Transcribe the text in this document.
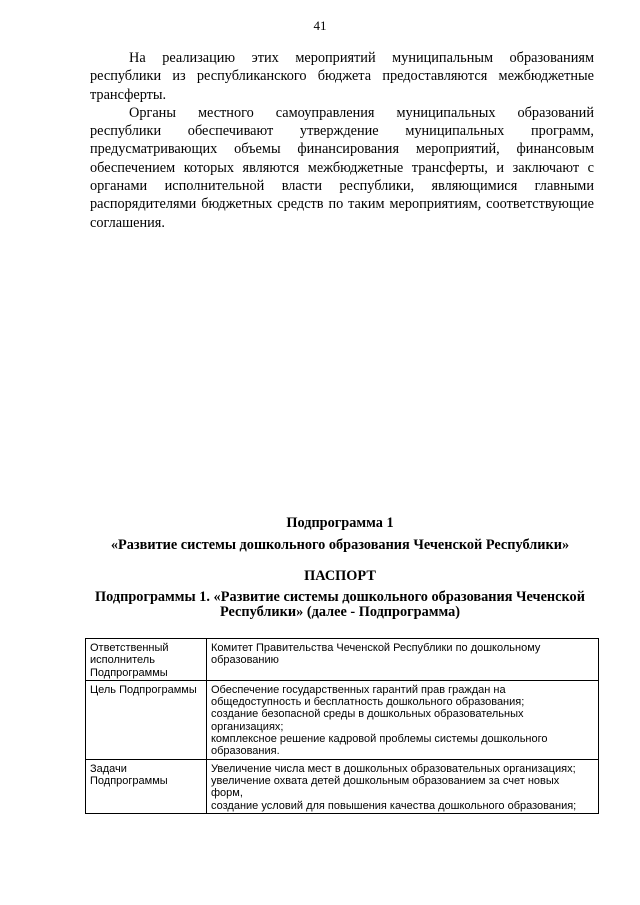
41

На реализацию этих мероприятий муниципальным образованиям республики из республиканского бюджета предоставляются межбюджетные трансферты.

Органы местного самоуправления муниципальных образований республики обеспечивают утверждение муниципальных программ, предусматривающих объемы финансирования мероприятий, финансовым обеспечением которых являются межбюджетные трансферты, и заключают с органами исполнительной власти республики, являющимися главными распорядителями бюджетных средств по таким мероприятиям, соответствующие соглашения.

Подпрограмма 1
«Развитие системы дошкольного образования Чеченской Республики»
ПАСПОРТ
Подпрограммы 1. «Развитие системы дошкольного образования Чеченской Республики» (далее - Подпрограмма)
Ответственный исполнитель Подпрограммы	Комитет Правительства Чеченской Республики по дошкольному образованию

Цель Подпрограммы	Обеспечение государственных гарантий прав граждан на общедоступность и бесплатность дошкольного образования;
создание безопасной среды в дошкольных образовательных организациях;
комплексное решение кадровой проблемы системы дошкольного образования.

Задачи Подпрограммы	Увеличение числа мест в дошкольных образовательных организациях;
увеличение охвата детей дошкольным образованием за счет новых форм,
создание условий для повышения качества дошкольного образования;
